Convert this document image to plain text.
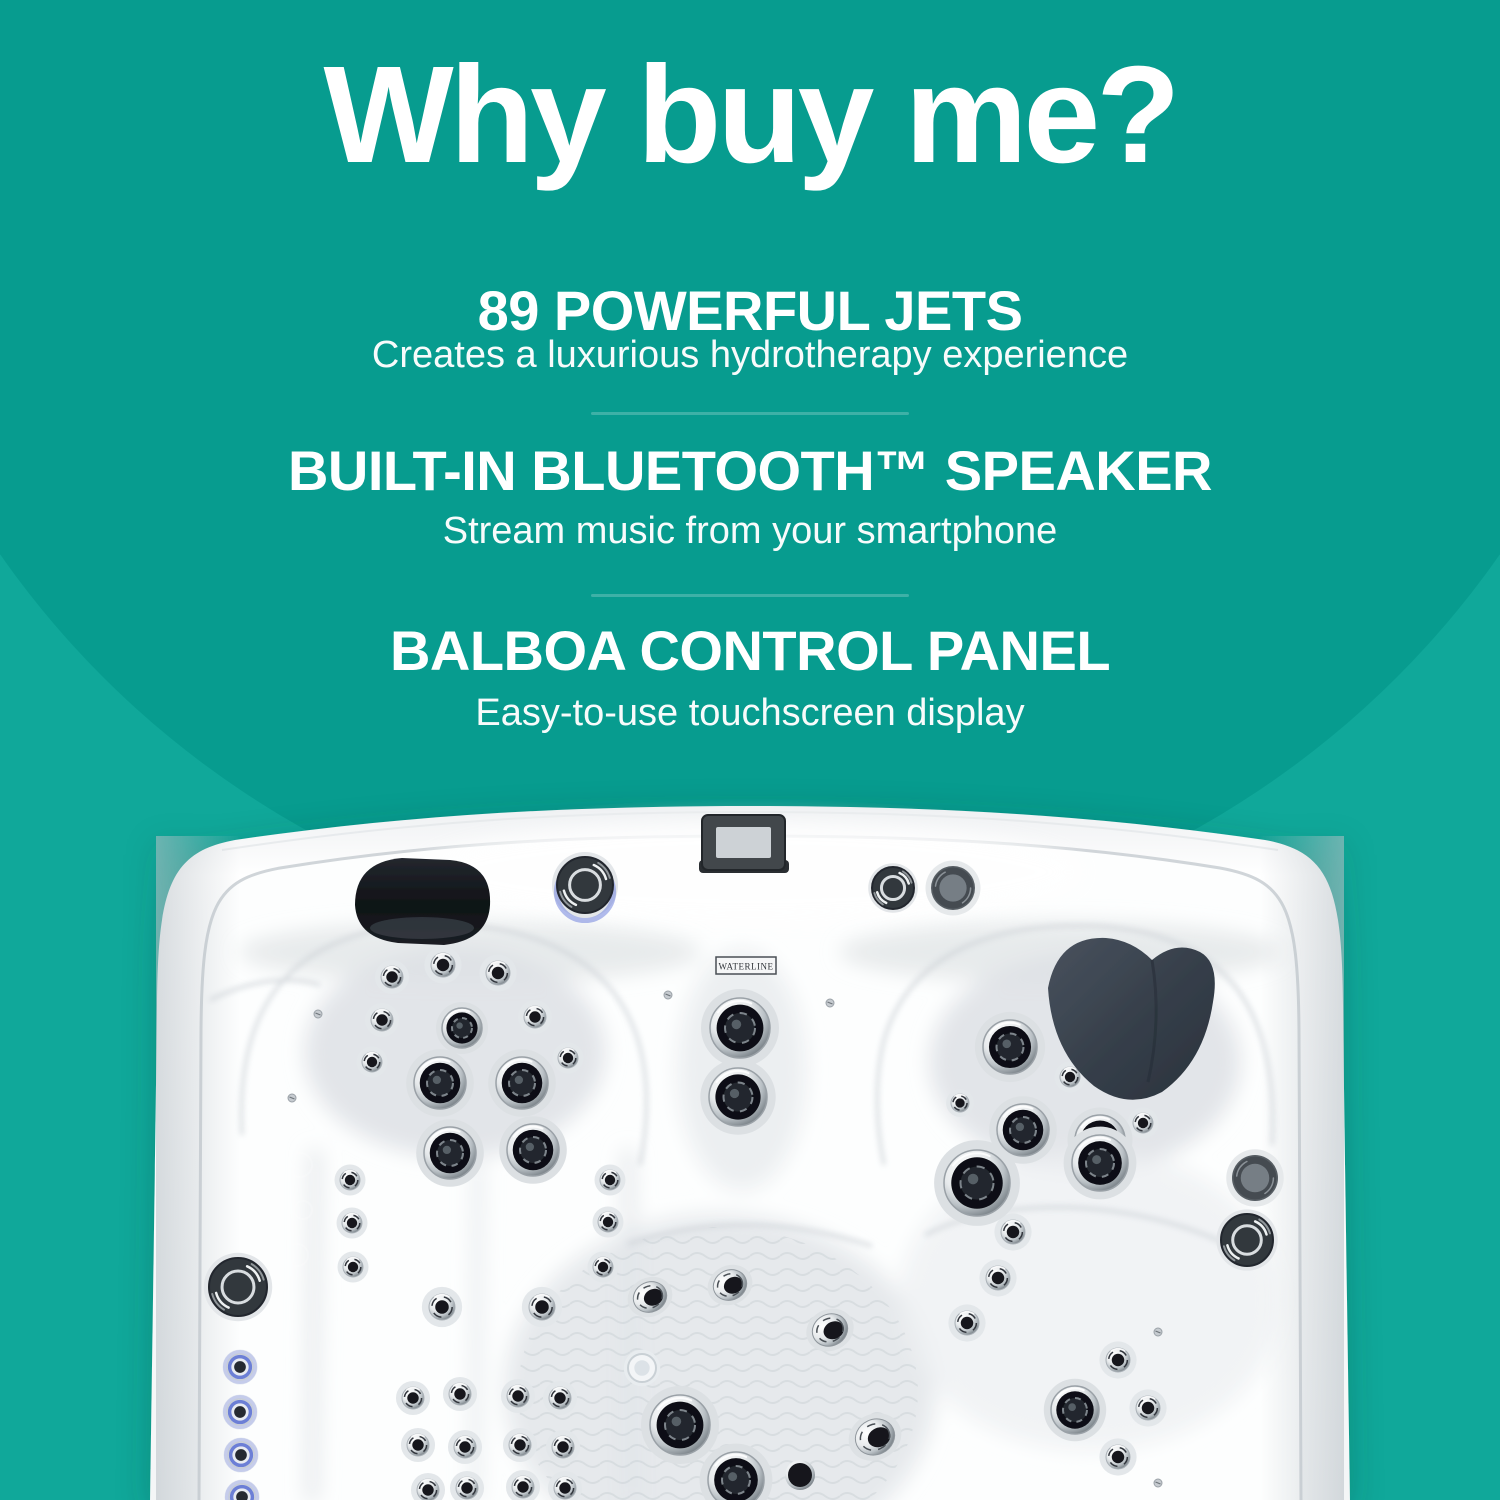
WATERLINE
Why buy me?
89 POWERFUL JETS
Creates a luxurious hydrotherapy experience
BUILT-IN BLUETOOTH™ SPEAKER
Stream music from your smartphone
BALBOA CONTROL PANEL
Easy-to-use touchscreen display
